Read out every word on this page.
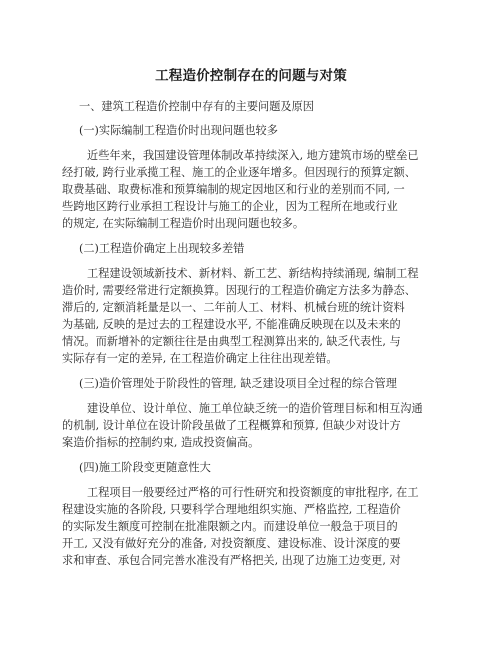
工程造价控制存在的问题与对策
一、建筑工程造价控制中存有的主要问题及原因
(一)实际编制工程造价时出现问题也较多
近些年来，我国建设管理体制改革持续深入, 地方建筑市场的壁垒已
经打破, 跨行业承揽工程、施工的企业逐年增多。但因现行的预算定额、
取费基础、取费标准和预算编制的规定因地区和行业的差别而不同, 一
些跨地区跨行业承担工程设计与施工的企业，因为工程所在地或行业
的规定, 在实际编制工程造价时出现问题也较多。
(二)工程造价确定上出现较多差错
工程建设领域新技术、新材料、新工艺、新结构持续涌现, 编制工程
造价时, 需要经常进行定额换算。因现行的工程造价确定方法多为静态、
滞后的, 定额消耗量是以一、二年前人工、材料、机械台班的统计资料
为基础, 反映的是过去的工程建设水平, 不能准确反映现在以及未来的
情况。而新增补的定额往往是由典型工程测算出来的, 缺乏代表性, 与
实际存有一定的差异, 在工程造价确定上往往出现差错。
(三)造价管理处于阶段性的管理, 缺乏建设项目全过程的综合管理
建设单位、设计单位、施工单位缺乏统一的造价管理目标和相互沟通
的机制, 设计单位在设计阶段虽做了工程概算和预算, 但缺少对设计方
案造价指标的控制约束, 造成投资偏高。
(四)施工阶段变更随意性大
工程项目一般要经过严格的可行性研究和投资额度的审批程序, 在工
程建设实施的各阶段, 只要科学合理地组织实施、严格监控, 工程造价
的实际发生额度可控制在批准限额之内。而建设单位一般急于项目的
开工, 又没有做好充分的准备, 对投资额度、建设标准、设计深度的要
求和审查、承包合同完善水准没有严格把关, 出现了边施工边变更, 对
